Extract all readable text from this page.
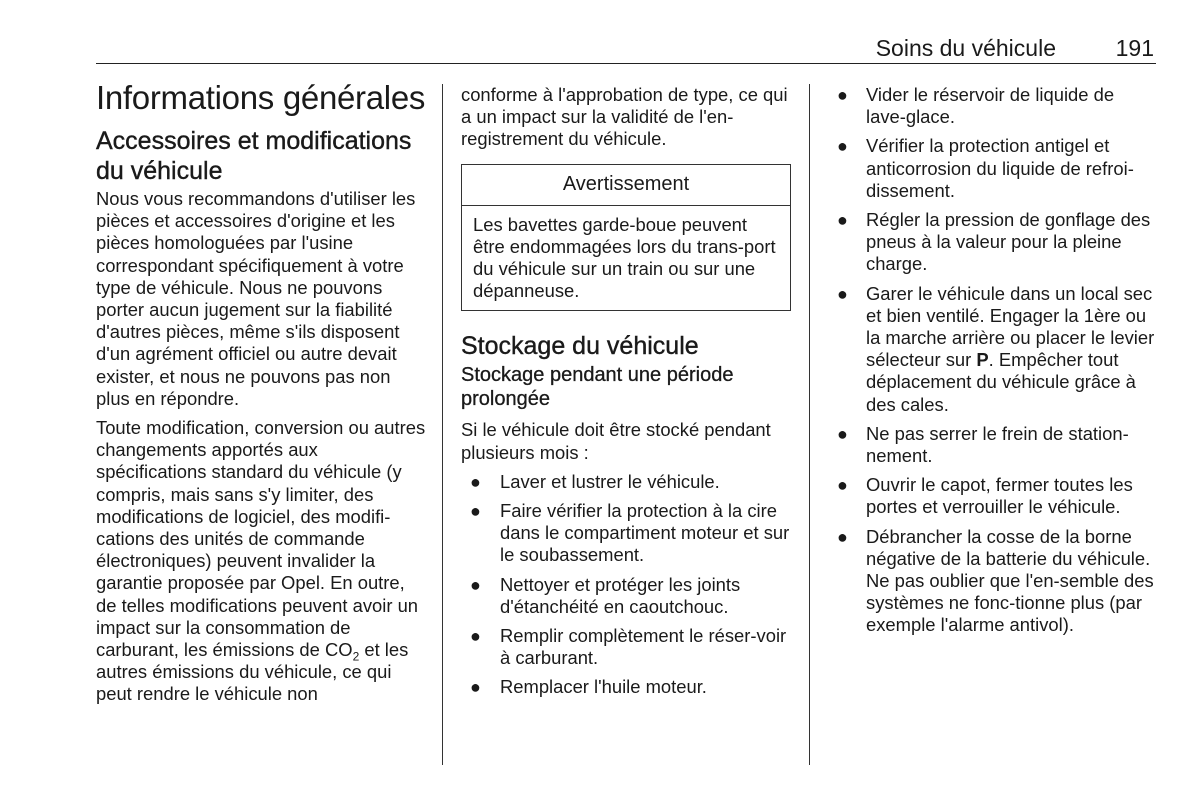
Soins du véhicule	191
Informations générales
Accessoires et modifications du véhicule

Nous vous recommandons d'utiliser les pièces et accessoires d'origine et les pièces homologuées par l'usine correspondant spécifiquement à votre type de véhicule. Nous ne pouvons porter aucun jugement sur la fiabilité d'autres pièces, même s'ils disposent d'un agrément officiel ou autre devait exister, et nous ne pouvons pas non plus en répondre.

Toute modification, conversion ou autres changements apportés aux spécifications standard du véhicule (y compris, mais sans s'y limiter, des modifications de logiciel, des modifi-cations des unités de commande électroniques) peuvent invalider la garantie proposée par Opel. En outre, de telles modifications peuvent avoir un impact sur la consommation de carburant, les émissions de $CO_2$ et les autres émissions du véhicule, ce qui peut rendre le véhicule non

conforme à l'approbation de type, ce qui a un impact sur la validité de l'en-registrement du véhicule.

Avertissement
Les bavettes garde-boue peuvent être endommagées lors du trans-port du véhicule sur un train ou sur une dépanneuse.
Stockage du véhicule
Stockage pendant une période prolongée

Si le véhicule doit être stocké pendant plusieurs mois :

● Laver et lustrer le véhicule.
● Faire vérifier la protection à la cire dans le compartiment moteur et sur le soubassement.
● Nettoyer et protéger les joints d'étanchéité en caoutchouc.
● Remplir complètement le réser-voir à carburant.
● Remplacer l'huile moteur.
● Vider le réservoir de liquide de lave-glace.
● Vérifier la protection antigel et anticorrosion du liquide de refroi-dissement.
● Régler la pression de gonflage des pneus à la valeur pour la pleine charge.
● Garer le véhicule dans un local sec et bien ventilé. Engager la 1ère ou la marche arrière ou placer le levier sélecteur sur P. Empêcher tout déplacement du véhicule grâce à des cales.
● Ne pas serrer le frein de station-nement.
● Ouvrir le capot, fermer toutes les portes et verrouiller le véhicule.
● Débrancher la cosse de la borne négative de la batterie du véhicule. Ne pas oublier que l'en-semble des systèmes ne fonc-tionne plus (par exemple l'alarme antivol).
